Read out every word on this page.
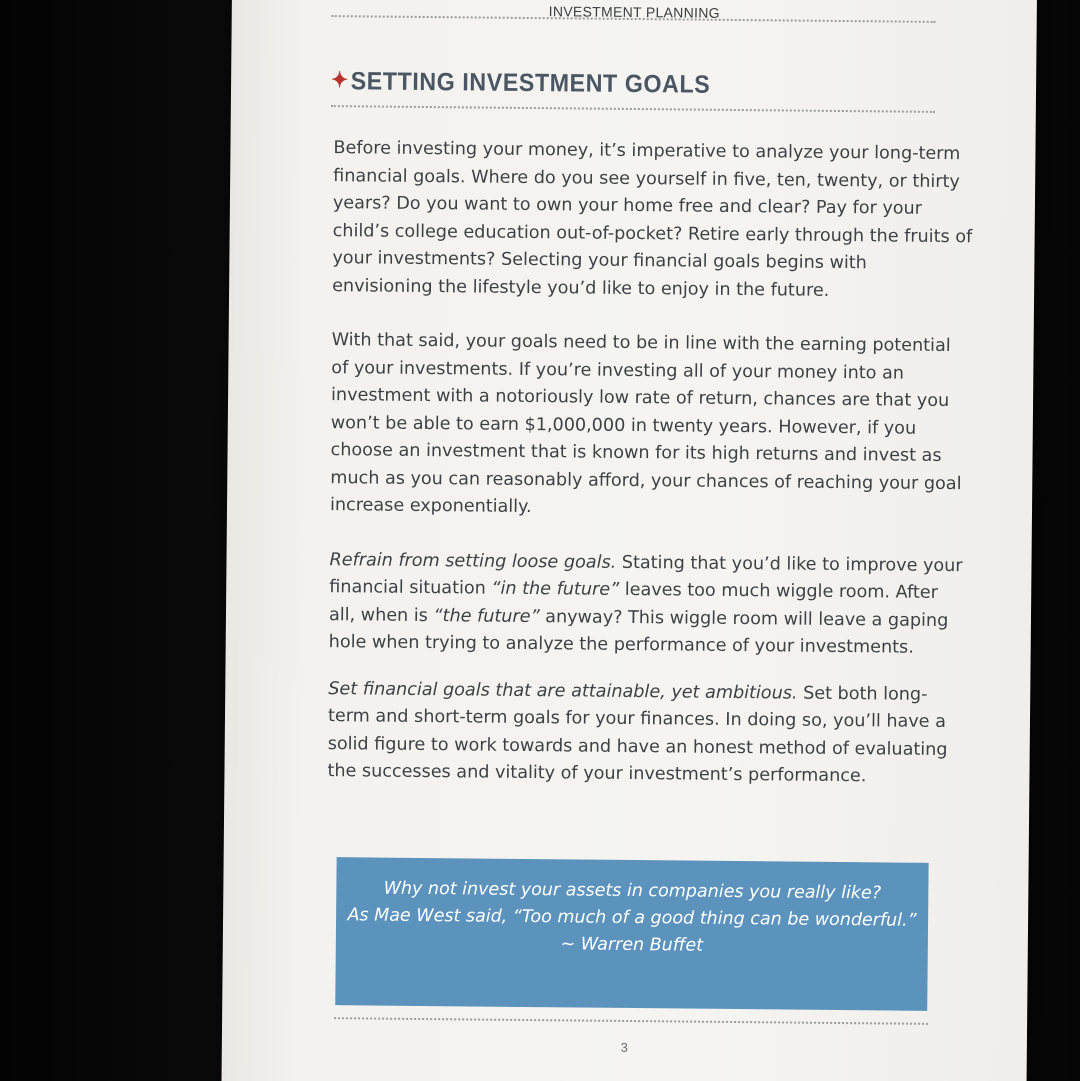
INVESTMENT PLANNING
✦SETTING INVESTMENT GOALS

Before investing your money, it’s imperative to analyze your long-term financial goals. Where do you see yourself in five, ten, twenty, or thirty years? Do you want to own your home free and clear? Pay for your child’s college education out-of-pocket? Retire early through the fruits of your investments? Selecting your financial goals begins with envisioning the lifestyle you’d like to enjoy in the future.

With that said, your goals need to be in line with the earning potential of your investments. If you’re investing all of your money into an investment with a notoriously low rate of return, chances are that you won’t be able to earn $1,000,000 in twenty years. However, if you choose an investment that is known for its high returns and invest as much as you can reasonably afford, your chances of reaching your goal increase exponentially.

Refrain from setting loose goals. Stating that you’d like to improve your financial situation “in the future” leaves too much wiggle room. After all, when is “the future” anyway? This wiggle room will leave a gaping hole when trying to analyze the performance of your investments.

Set financial goals that are attainable, yet ambitious. Set both long-term and short-term goals for your finances. In doing so, you’ll have a solid figure to work towards and have an honest method of evaluating the successes and vitality of your investment’s performance.

Why not invest your assets in companies you really like?
As Mae West said, “Too much of a good thing can be wonderful.”
~ Warren Buffet
3
